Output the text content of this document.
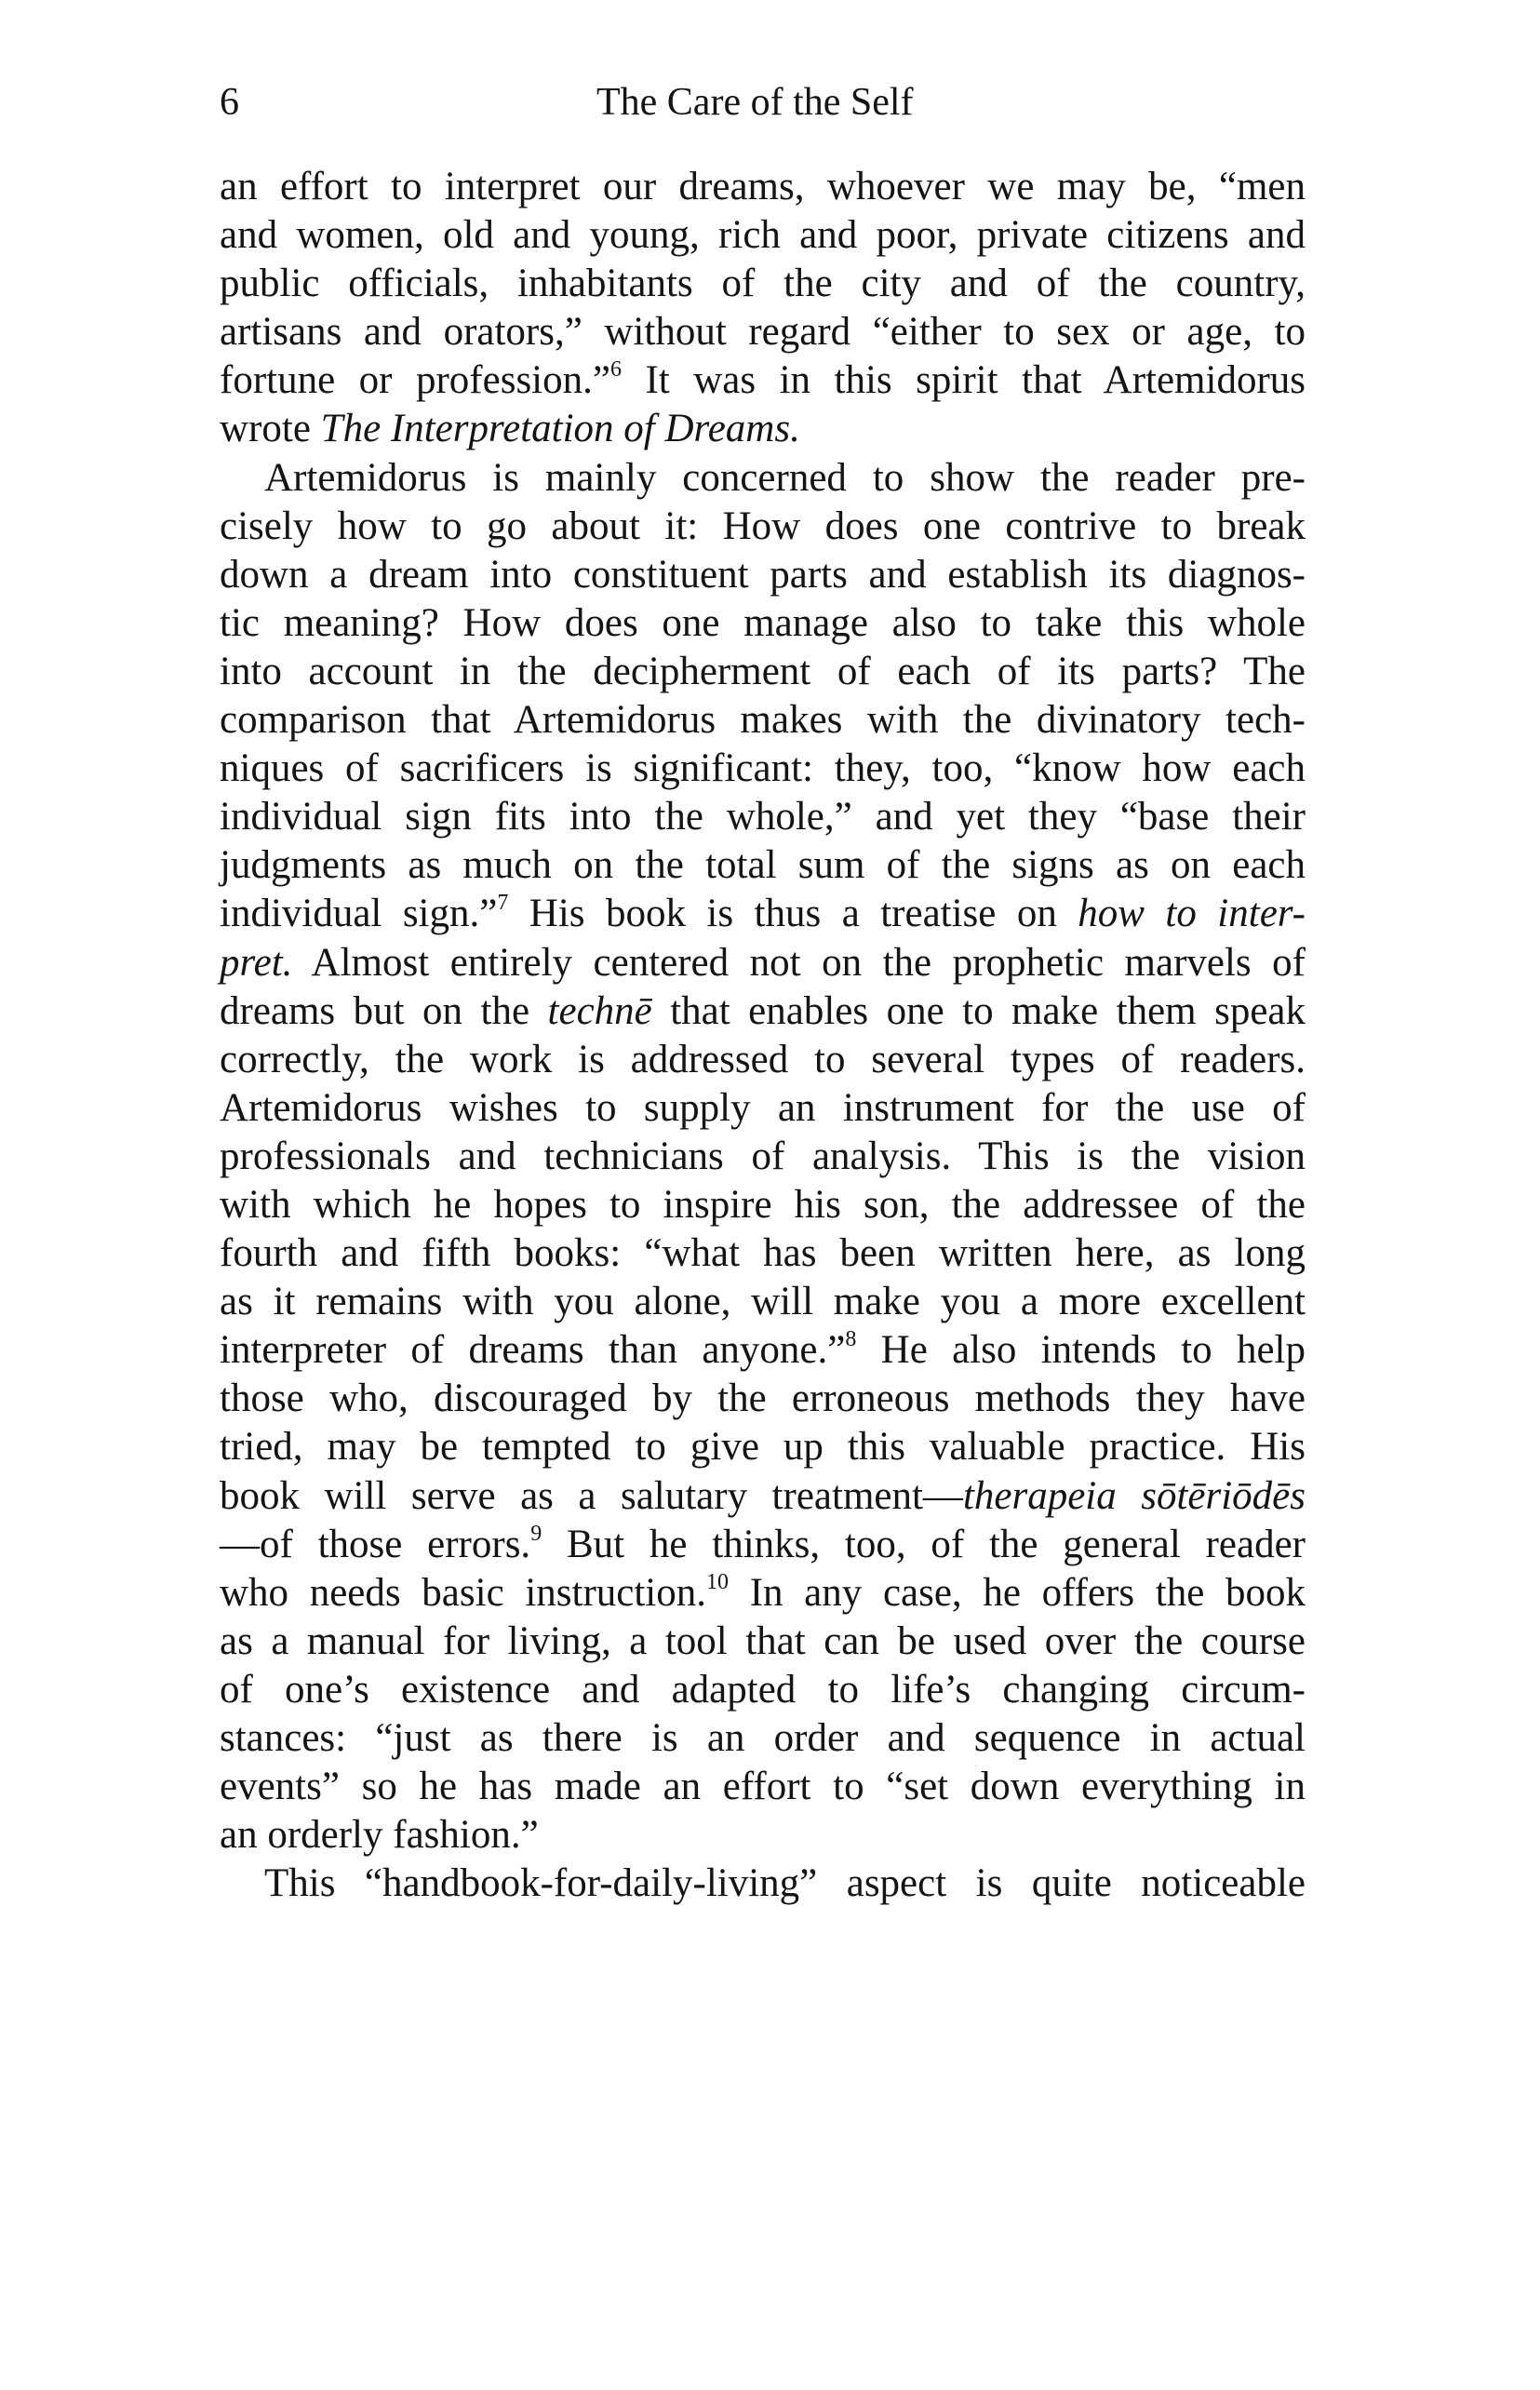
6	The Care of the Self
an effort to interpret our dreams, whoever we may be, “men
and women, old and young, rich and poor, private citizens and
public officials, inhabitants of the city and of the country,
artisans and orators,” without regard “either to sex or age, to
fortune or profession.”$^6$ It was in this spirit that Artemidorus
wrote The Interpretation of Dreams.
Artemidorus is mainly concerned to show the reader pre-
cisely how to go about it: How does one contrive to break
down a dream into constituent parts and establish its diagnos-
tic meaning? How does one manage also to take this whole
into account in the decipherment of each of its parts? The
comparison that Artemidorus makes with the divinatory tech-
niques of sacrificers is significant: they, too, “know how each
individual sign fits into the whole,” and yet they “base their
judgments as much on the total sum of the signs as on each
individual sign.”$^7$ His book is thus a treatise on how to inter-
pret. Almost entirely centered not on the prophetic marvels of
dreams but on the technē that enables one to make them speak
correctly, the work is addressed to several types of readers.
Artemidorus wishes to supply an instrument for the use of
professionals and technicians of analysis. This is the vision
with which he hopes to inspire his son, the addressee of the
fourth and fifth books: “what has been written here, as long
as it remains with you alone, will make you a more excellent
interpreter of dreams than anyone.”$^8$ He also intends to help
those who, discouraged by the erroneous methods they have
tried, may be tempted to give up this valuable practice. His
book will serve as a salutary treatment—therapeia sōtēriōdēs
—of those errors.$^9$ But he thinks, too, of the general reader
who needs basic instruction.$^{10}$ In any case, he offers the book
as a manual for living, a tool that can be used over the course
of one’s existence and adapted to life’s changing circum-
stances: “just as there is an order and sequence in actual
events” so he has made an effort to “set down everything in
an orderly fashion.”
This “handbook-for-daily-living” aspect is quite noticeable
